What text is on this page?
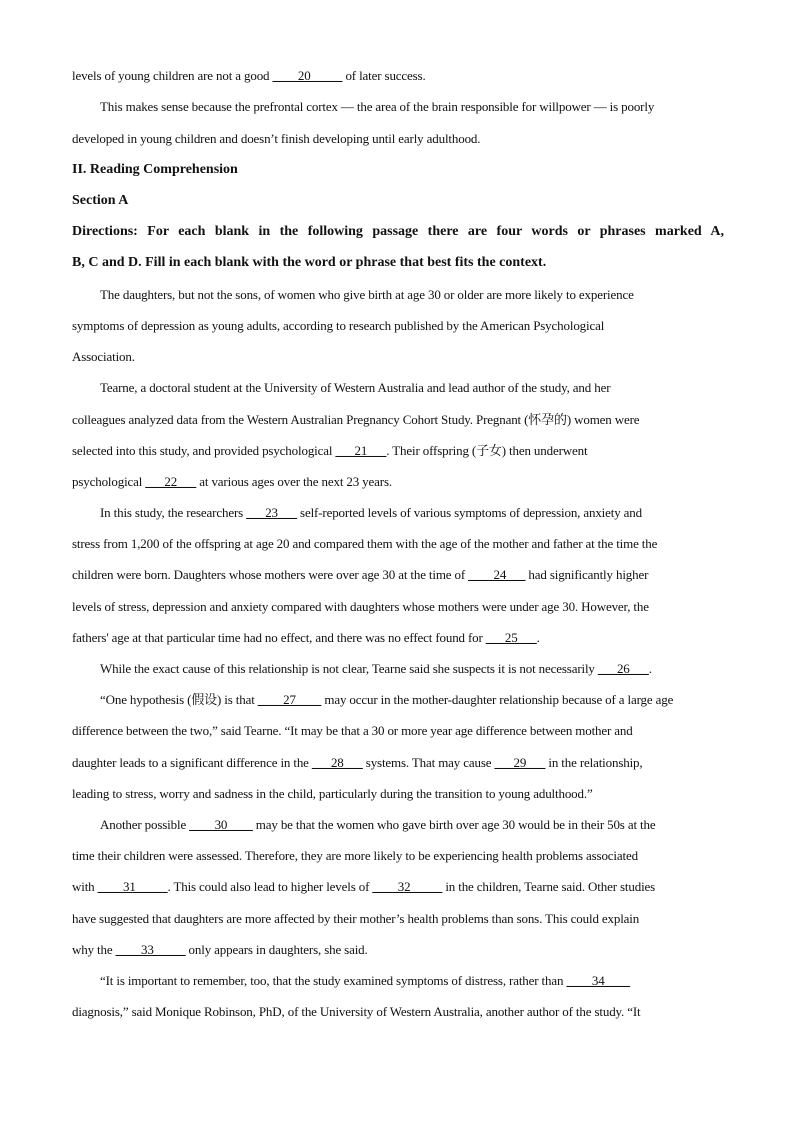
levels of young children are not a good ____20_____ of later success.
This makes sense because the prefrontal cortex — the area of the brain responsible for willpower — is poorly
developed in young children and doesn’t finish developing until early adulthood.
II. Reading Comprehension
Section A
Directions: For each blank in the following passage there are four words or phrases marked A,
B, C and D. Fill in each blank with the word or phrase that best fits the context.
The daughters, but not the sons, of women who give birth at age 30 or older are more likely to experience
symptoms of depression as young adults, according to research published by the American Psychological
Association.
Tearne, a doctoral student at the University of Western Australia and lead author of the study, and her
colleagues analyzed data from the Western Australian Pregnancy Cohort Study. Pregnant (怀孕的) women were
selected into this study, and provided psychological ___21___. Their offspring (子女) then underwent
psychological ___22___ at various ages over the next 23 years.
In this study, the researchers ___23___ self-reported levels of various symptoms of depression, anxiety and
stress from 1,200 of the offspring at age 20 and compared them with the age of the mother and father at the time the
children were born. Daughters whose mothers were over age 30 at the time of ____24___ had significantly higher
levels of stress, depression and anxiety compared with daughters whose mothers were under age 30. However, the
fathers' age at that particular time had no effect, and there was no effect found for ___25___.
While the exact cause of this relationship is not clear, Tearne said she suspects it is not necessarily ___26___.
“One hypothesis (假设) is that ____27____ may occur in the mother-daughter relationship because of a large age
difference between the two,” said Tearne. “It may be that a 30 or more year age difference between mother and
daughter leads to a significant difference in the ___28___ systems. That may cause ___29___ in the relationship,
leading to stress, worry and sadness in the child, particularly during the transition to young adulthood.”
Another possible ____30____ may be that the women who gave birth over age 30 would be in their 50s at the
time their children were assessed. Therefore, they are more likely to be experiencing health problems associated
with ____31_____. This could also lead to higher levels of ____32_____ in the children, Tearne said. Other studies
have suggested that daughters are more affected by their mother’s health problems than sons. This could explain
why the ____33_____ only appears in daughters, she said.
“It is important to remember, too, that the study examined symptoms of distress, rather than ____34____
diagnosis,” said Monique Robinson, PhD, of the University of Western Australia, another author of the study. “It
